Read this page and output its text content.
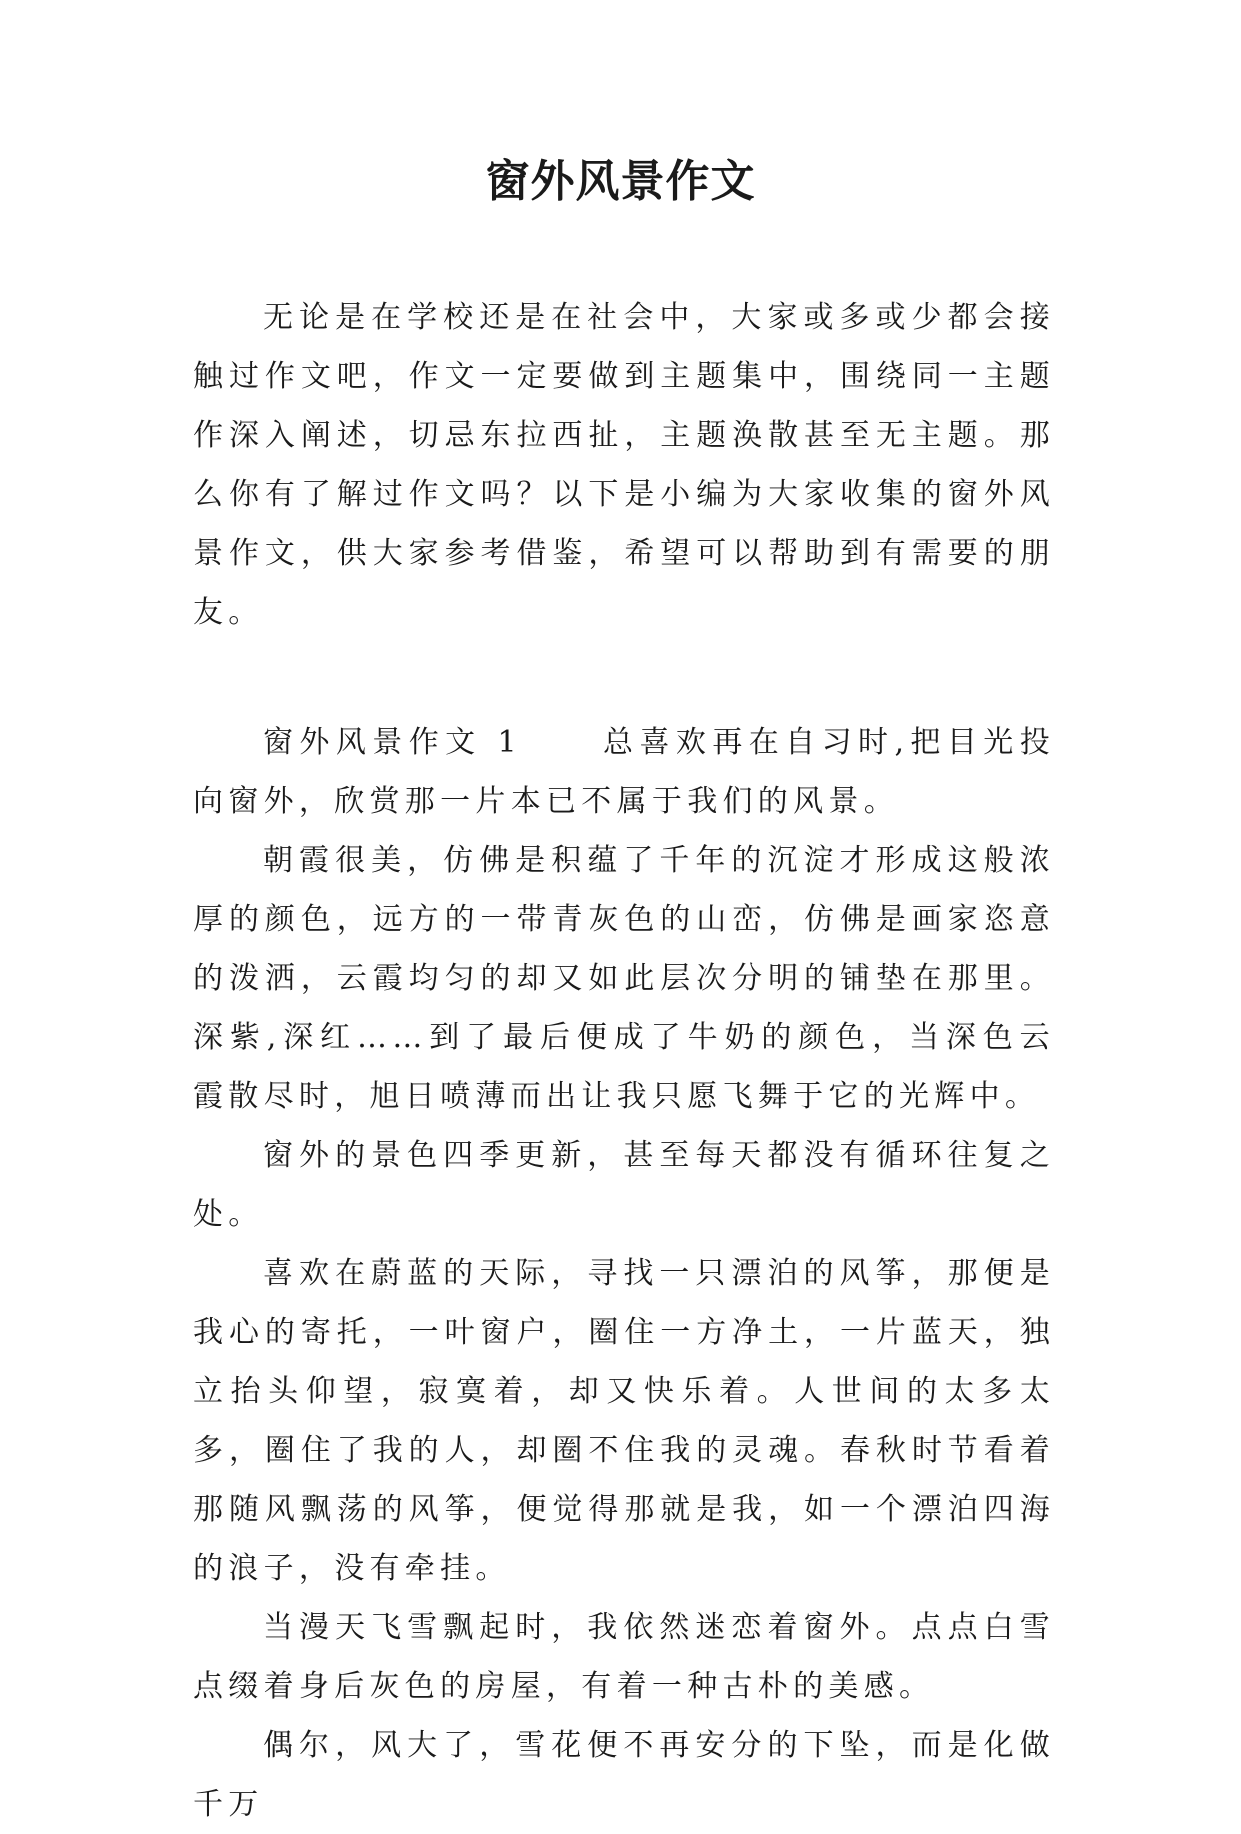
窗外风景作文

无论是在学校还是在社会中，大家或多或少都会接触过作文吧，作文一定要做到主题集中，围绕同一主题作深入阐述，切忌东拉西扯，主题涣散甚至无主题。那么你有了解过作文吗？以下是小编为大家收集的窗外风景作文，供大家参考借鉴，希望可以帮助到有需要的朋友。

窗外风景作文 1	总喜欢再在自习时,把目光投向窗外，欣赏那一片本已不属于我们的风景。

朝霞很美，仿佛是积蕴了千年的沉淀才形成这般浓厚的颜色，远方的一带青灰色的山峦，仿佛是画家恣意的泼洒，云霞均匀的却又如此层次分明的铺垫在那里。深紫,深红……到了最后便成了牛奶的颜色，当深色云霞散尽时，旭日喷薄而出让我只愿飞舞于它的光辉中。

窗外的景色四季更新，甚至每天都没有循环往复之处。

喜欢在蔚蓝的天际，寻找一只漂泊的风筝，那便是我心的寄托，一叶窗户，圈住一方净土，一片蓝天，独立抬头仰望，寂寞着，却又快乐着。人世间的太多太多，圈住了我的人，却圈不住我的灵魂。春秋时节看着那随风飘荡的风筝，便觉得那就是我，如一个漂泊四海的浪子，没有牵挂。

当漫天飞雪飘起时，我依然迷恋着窗外。点点白雪点缀着身后灰色的房屋，有着一种古朴的美感。

偶尔，风大了，雪花便不再安分的下坠，而是化做千万
